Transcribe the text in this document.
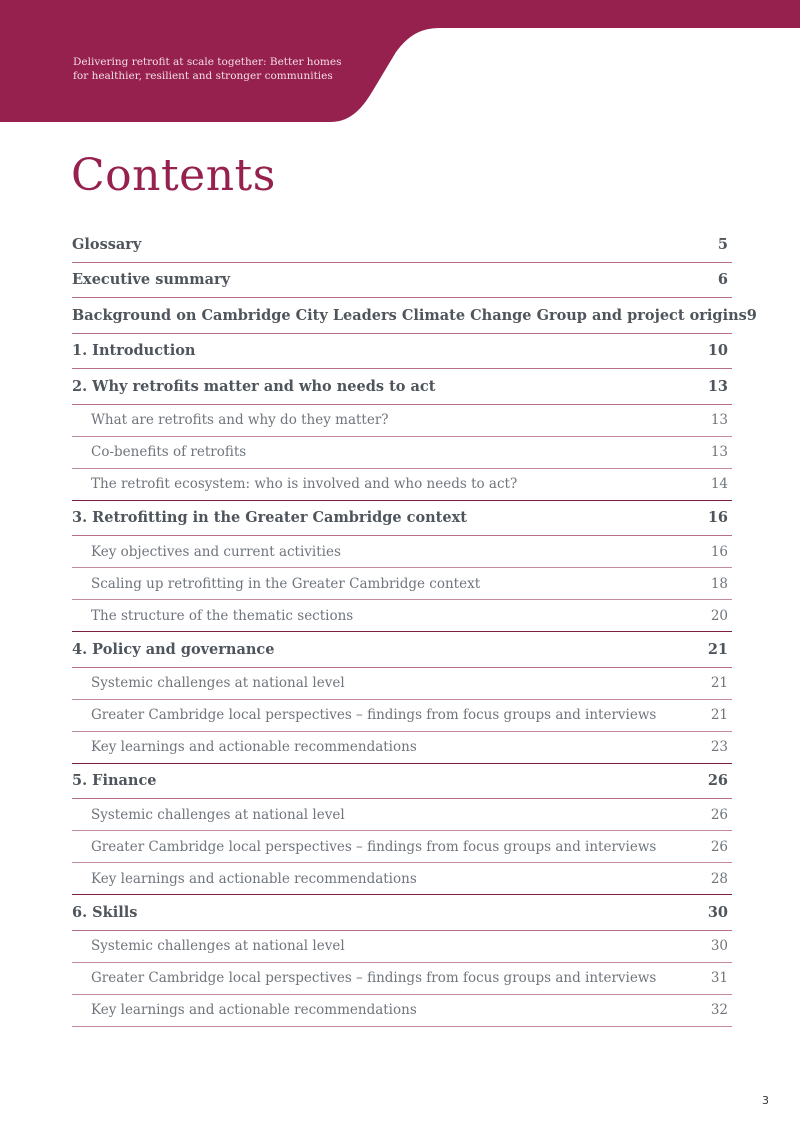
Delivering retrofit at scale together: Better homes
for healthier, resilient and stronger communities
Contents
Glossary	5
Executive summary	6
Background on Cambridge City Leaders Climate Change Group and project origins 9
1. Introduction	10
2. Why retrofits matter and who needs to act	13
What are retrofits and why do they matter?	13
Co-benefits of retrofits	13
The retrofit ecosystem: who is involved and who needs to act?	14
3. Retrofitting in the Greater Cambridge context	16
Key objectives and current activities	16
Scaling up retrofitting in the Greater Cambridge context	18
The structure of the thematic sections	20
4. Policy and governance	21
Systemic challenges at national level	21
Greater Cambridge local perspectives – findings from focus groups and interviews	21
Key learnings and actionable recommendations	23
5. Finance	26
Systemic challenges at national level	26
Greater Cambridge local perspectives – findings from focus groups and interviews	26
Key learnings and actionable recommendations	28
6. Skills	30
Systemic challenges at national level	30
Greater Cambridge local perspectives – findings from focus groups and interviews	31
Key learnings and actionable recommendations	32
3
